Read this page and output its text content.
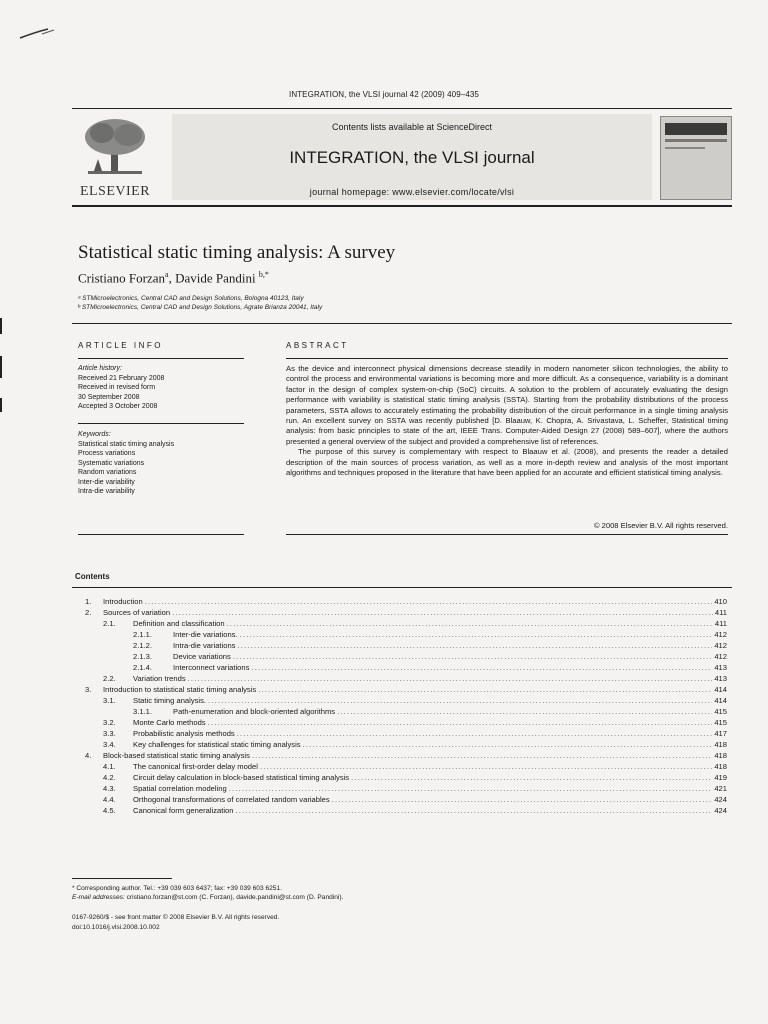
INTEGRATION, the VLSI journal 42 (2009) 409–435
ELSEVIER
Contents lists available at ScienceDirect
INTEGRATION, the VLSI journal
journal homepage: www.elsevier.com/locate/vlsi
Statistical static timing analysis: A survey
Cristiano Forzan$^a$, Davide Pandini $^{b,*}$
ᵃ STMicroelectronics, Central CAD and Design Solutions, Bologna 40123, Italy
ᵇ STMicroelectronics, Central CAD and Design Solutions, Agrate Brianza 20041, Italy
ARTICLE INFO
Article history:
Received 21 February 2008
Received in revised form
30 September 2008
Accepted 3 October 2008
Keywords:
Statistical static timing analysis
Process variations
Systematic variations
Random variations
Inter-die variability
Intra-die variability
ABSTRACT

As the device and interconnect physical dimensions decrease steadily in modern nanometer silicon technologies, the ability to control the process and environmental variations is becoming more and more difficult. As a consequence, variability is a dominant factor in the design of complex system-on-chip (SoC) circuits. A solution to the problem of accurately evaluating the design performance with variability is statistical static timing analysis (SSTA). Starting from the probability distributions of the process parameters, SSTA allows to accurately estimating the probability distribution of the circuit performance in a single timing analysis run. An excellent survey on SSTA was recently published [D. Blaauw, K. Chopra, A. Srivastava, L. Scheffer, Statistical timing analysis: from basic principles to state of the art, IEEE Trans. Computer-Aided Design 27 (2008) 589–607], where the authors presented a general overview of the subject and provided a comprehensive list of references.

The purpose of this survey is complementary with respect to Blaauw et al. (2008), and presents the reader a detailed description of the main sources of process variation, as well as a more in-depth review and analysis of the most important algorithms and techniques proposed in the literature that have been applied for an accurate and efficient statistical timing analysis.

© 2008 Elsevier B.V. All rights reserved.
Contents
1.	Introduction .....	410
2.	Sources of variation .....	411
2.1.	Definition and classification .....	411
2.1.1.	Inter-die variations. .....	412
2.1.2.	Intra-die variations .....	412
2.1.3.	Device variations .....	412
2.1.4.	Interconnect variations .....	413
2.2.	Variation trends .....	413
3.	Introduction to statistical static timing analysis .....	414
3.1.	Static timing analysis. .....	414
3.1.1.	Path-enumeration and block-oriented algorithms .....	415
3.2.	Monte Carlo methods .....	415
3.3.	Probabilistic analysis methods .....	417
3.4.	Key challenges for statistical static timing analysis .....	418
4.	Block-based statistical static timing analysis .....	418
4.1.	The canonical first-order delay model .....	418
4.2.	Circuit delay calculation in block-based statistical timing analysis .....	419
4.3.	Spatial correlation modeling .....	421
4.4.	Orthogonal transformations of correlated random variables .....	424
4.5.	Canonical form generalization .....	424
* Corresponding author. Tel.: +39 039 603 6437; fax: +39 039 603 6251.
E-mail addresses: cristiano.forzan@st.com (C. Forzan), davide.pandini@st.com (D. Pandini).
0167-9260/$ - see front matter © 2008 Elsevier B.V. All rights reserved.
doi:10.1016/j.vlsi.2008.10.002
